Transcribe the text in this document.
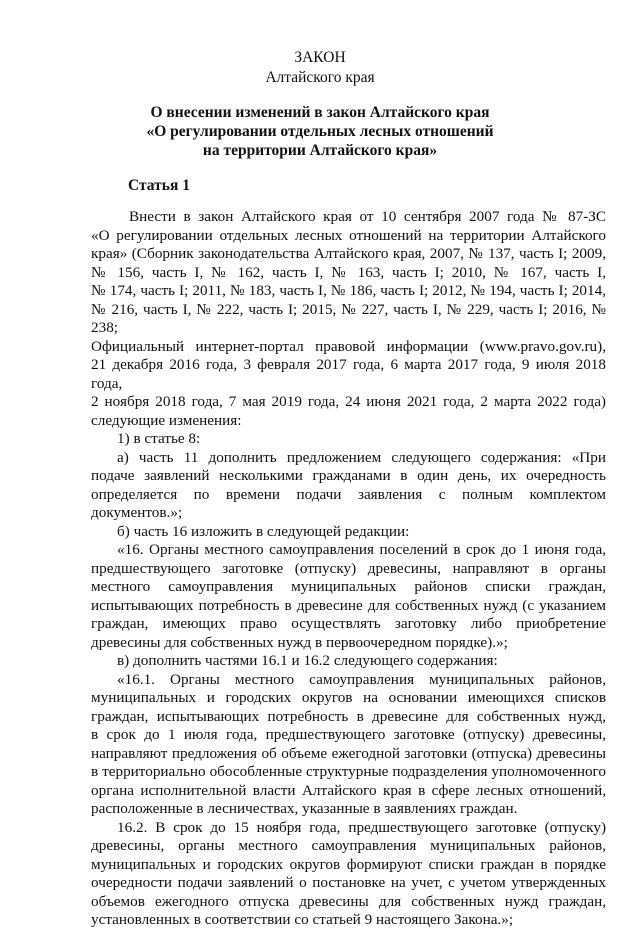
ЗАКОН
Алтайского края
О внесении изменений в закон Алтайского края
«О регулировании отдельных лесных отношений
на территории Алтайского края»
Статья 1
Внести в закон Алтайского края от 10 сентября 2007 года № 87-ЗС
«О регулировании отдельных лесных отношений на территории Алтайского
края» (Сборник законодательства Алтайского края, 2007, № 137, часть I; 2009,
№ 156, часть I, № 162, часть I, № 163, часть I; 2010, № 167, часть I,
№ 174, часть I; 2011, № 183, часть I, № 186, часть I; 2012, № 194, часть I; 2014,
№ 216, часть I, № 222, часть I; 2015, № 227, часть I, № 229, часть I; 2016, № 238;
Официальный интернет-портал правовой информации (www.pravo.gov.ru),
21 декабря 2016 года, 3 февраля 2017 года, 6 марта 2017 года, 9 июля 2018 года,
2 ноября 2018 года, 7 мая 2019 года, 24 июня 2021 года, 2 марта 2022 года)
следующие изменения:
1) в статье 8:
а) часть 11 дополнить предложением следующего содержания: «При
подаче заявлений несколькими гражданами в один день, их очередность
определяется по времени подачи заявления с полным комплектом документов.»;
б) часть 16 изложить в следующей редакции:
«16. Органы местного самоуправления поселений в срок до 1 июня года,
предшествующего заготовке (отпуску) древесины, направляют в органы
местного самоуправления муниципальных районов списки граждан,
испытывающих потребность в древесине для собственных нужд (с указанием
граждан, имеющих право осуществлять заготовку либо приобретение
древесины для собственных нужд в первоочередном порядке).»;
в) дополнить частями 16.1 и 16.2 следующего содержания:
«16.1. Органы местного самоуправления муниципальных районов,
муниципальных и городских округов на основании имеющихся списков
граждан, испытывающих потребность в древесине для собственных нужд,
в срок до 1 июля года, предшествующего заготовке (отпуску) древесины,
направляют предложения об объеме ежегодной заготовки (отпуска) древесины
в территориально обособленные структурные подразделения уполномоченного
органа исполнительной власти Алтайского края в сфере лесных отношений,
расположенные в лесничествах, указанные в заявлениях граждан.
16.2. В срок до 15 ноября года, предшествующего заготовке (отпуску)
древесины, органы местного самоуправления муниципальных районов,
муниципальных и городских округов формируют списки граждан в порядке
очередности подачи заявлений о постановке на учет, с учетом утвержденных
объемов ежегодного отпуска древесины для собственных нужд граждан,
установленных в соответствии со статьей 9 настоящего Закона.»;
